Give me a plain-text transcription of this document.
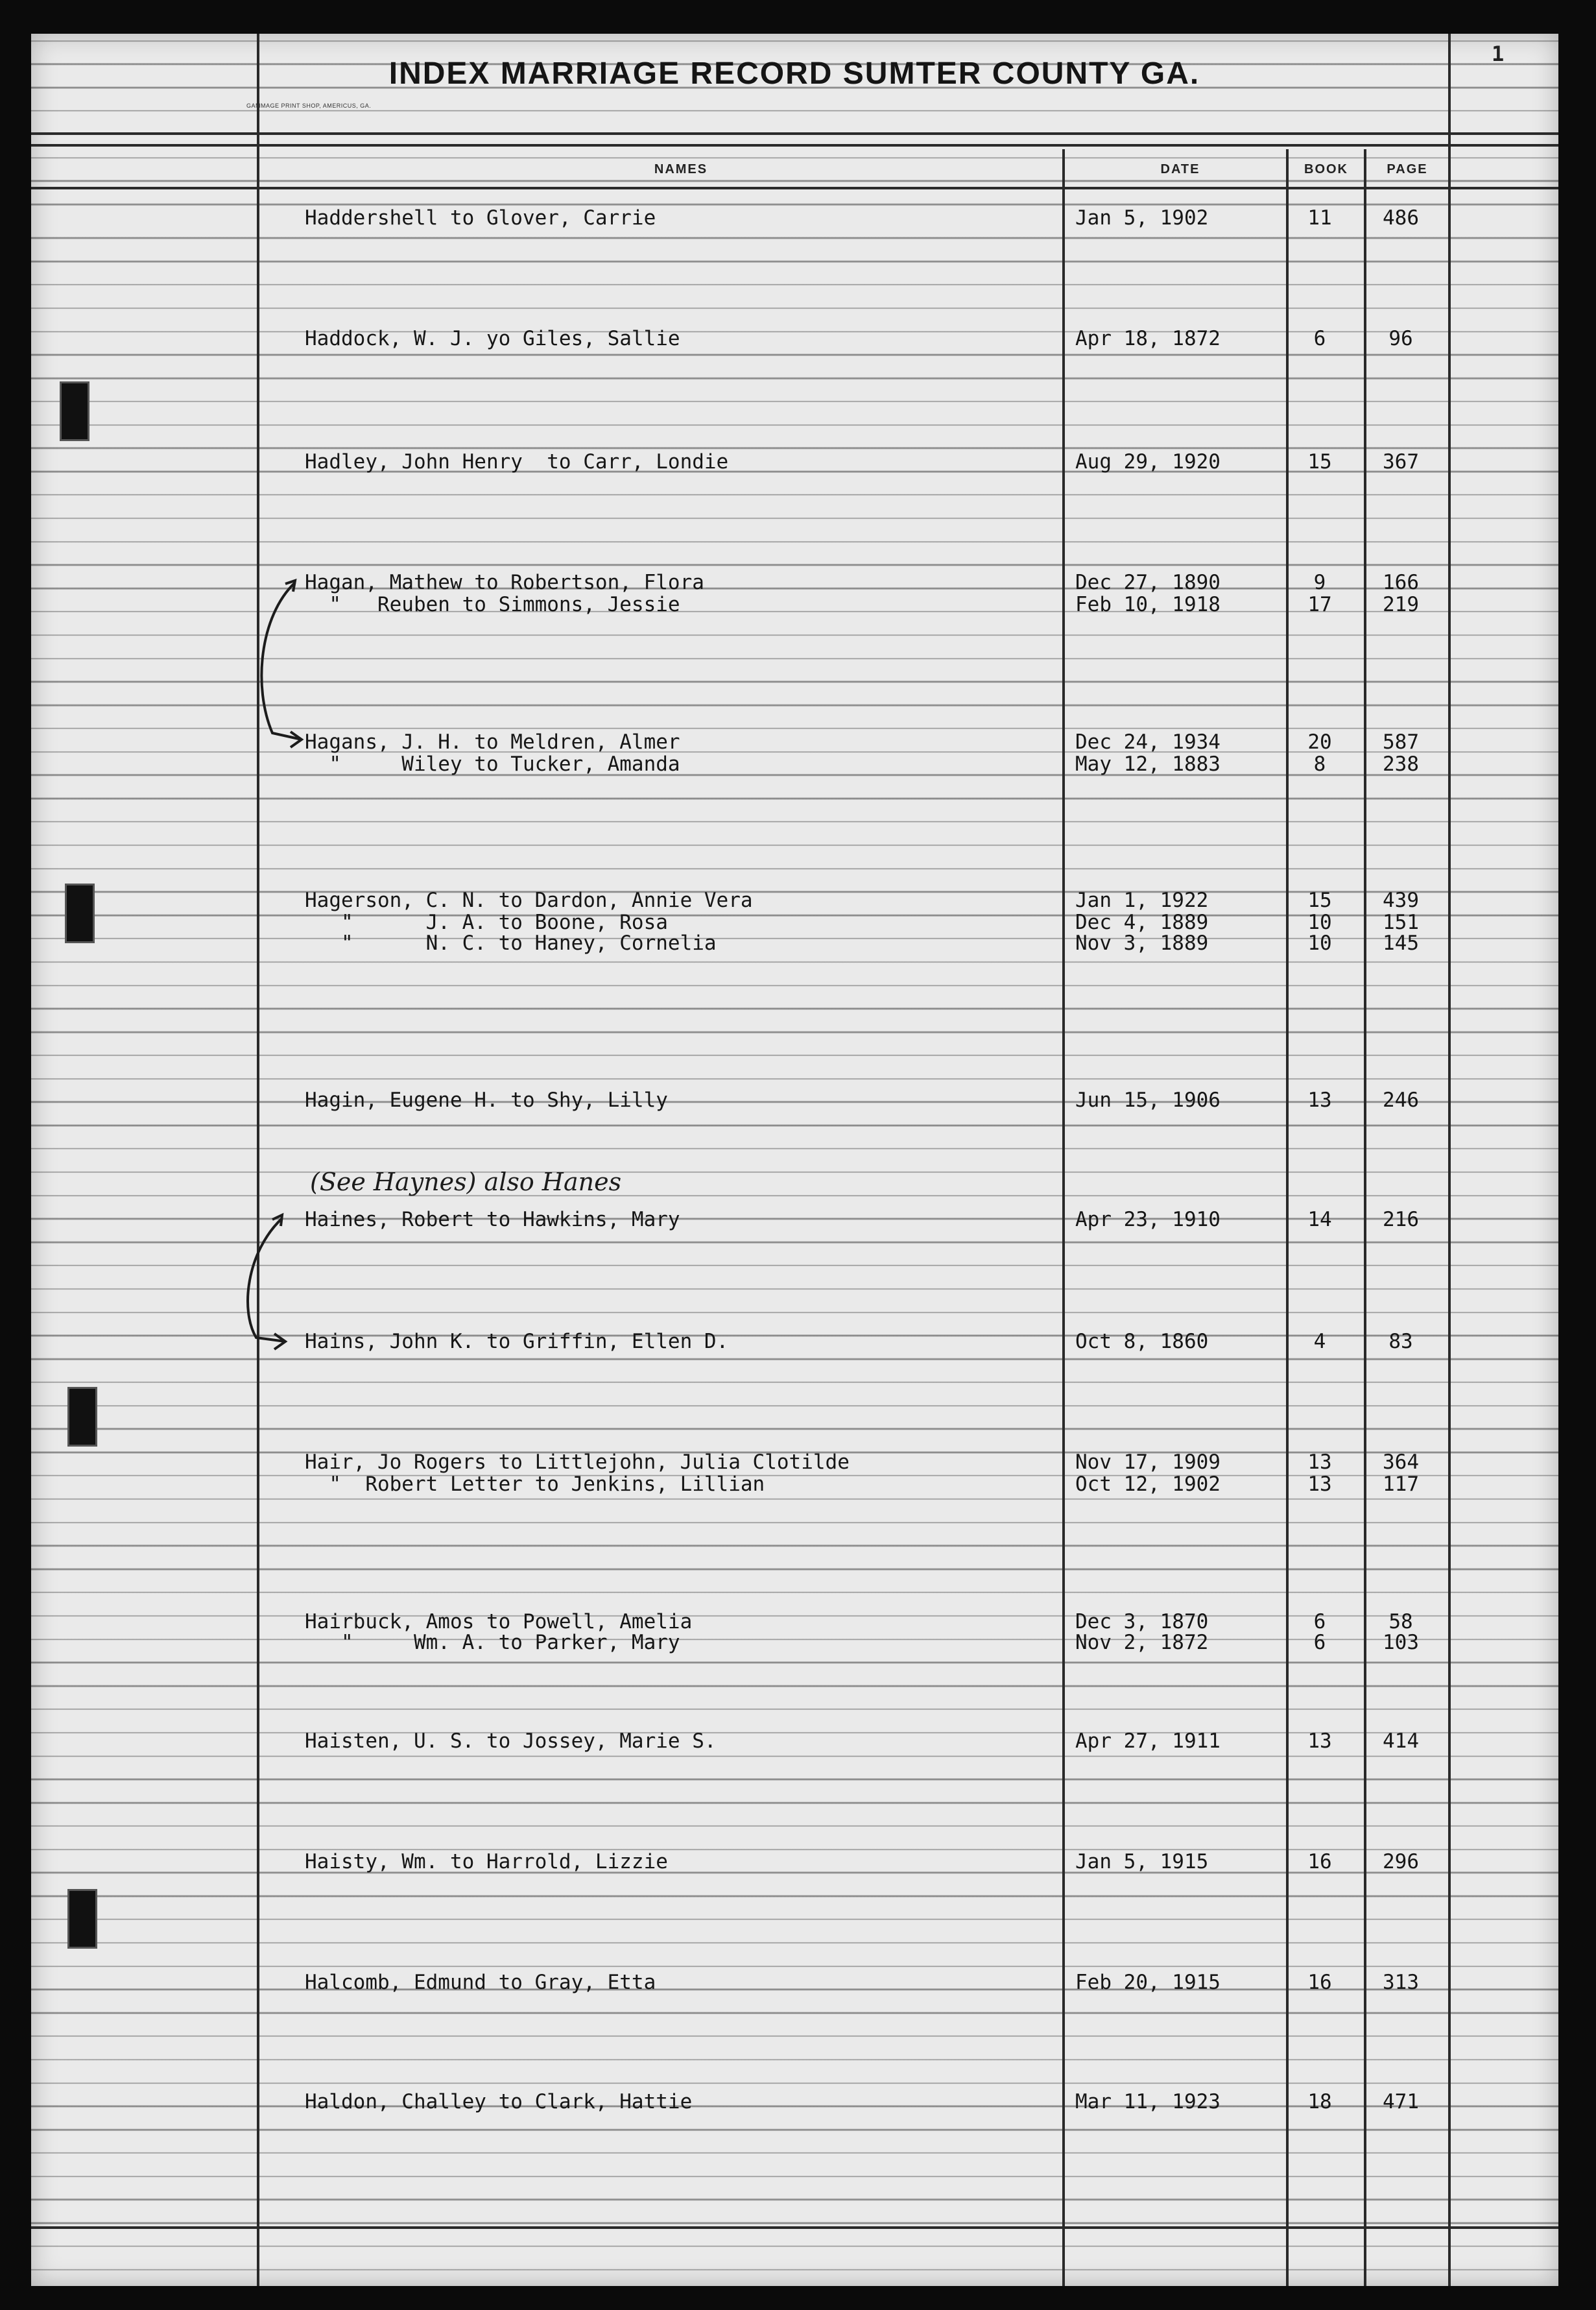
INDEX MARRIAGE RECORD SUMTER COUNTY GA.
GAMMAGE PRINT SHOP, AMERICUS, GA.
1
NAMES	DATE	BOOK	PAGE
(See Haynes) also Hanes
Haddershell to Glover, Carrie	Jan 5, 1902	11	486
Haddock, W. J. yo Giles, Sallie	Apr 18, 1872	6	96
Hadley, John Henry  to Carr, Londie	Aug 29, 1920	15	367
Hagan, Mathew to Robertson, Flora	Dec 27, 1890	9	166
"   Reuben to Simmons, Jessie	Feb 10, 1918	17	219
Hagans, J. H. to Meldren, Almer	Dec 24, 1934	20	587
"     Wiley to Tucker, Amanda	May 12, 1883	8	238
Hagerson, C. N. to Dardon, Annie Vera	Jan 1, 1922	15	439
"      J. A. to Boone, Rosa	Dec 4, 1889	10	151
"      N. C. to Haney, Cornelia	Nov 3, 1889	10	145
Hagin, Eugene H. to Shy, Lilly	Jun 15, 1906	13	246
Haines, Robert to Hawkins, Mary	Apr 23, 1910	14	216
Hains, John K. to Griffin, Ellen D.	Oct 8, 1860	4	83
Hair, Jo Rogers to Littlejohn, Julia Clotilde	Nov 17, 1909	13	364
"  Robert Letter to Jenkins, Lillian	Oct 12, 1902	13	117
Hairbuck, Amos to Powell, Amelia	Dec 3, 1870	6	58
"     Wm. A. to Parker, Mary	Nov 2, 1872	6	103
Haisten, U. S. to Jossey, Marie S.	Apr 27, 1911	13	414
Haisty, Wm. to Harrold, Lizzie	Jan 5, 1915	16	296
Halcomb, Edmund to Gray, Etta	Feb 20, 1915	16	313
Haldon, Challey to Clark, Hattie	Mar 11, 1923	18	471
